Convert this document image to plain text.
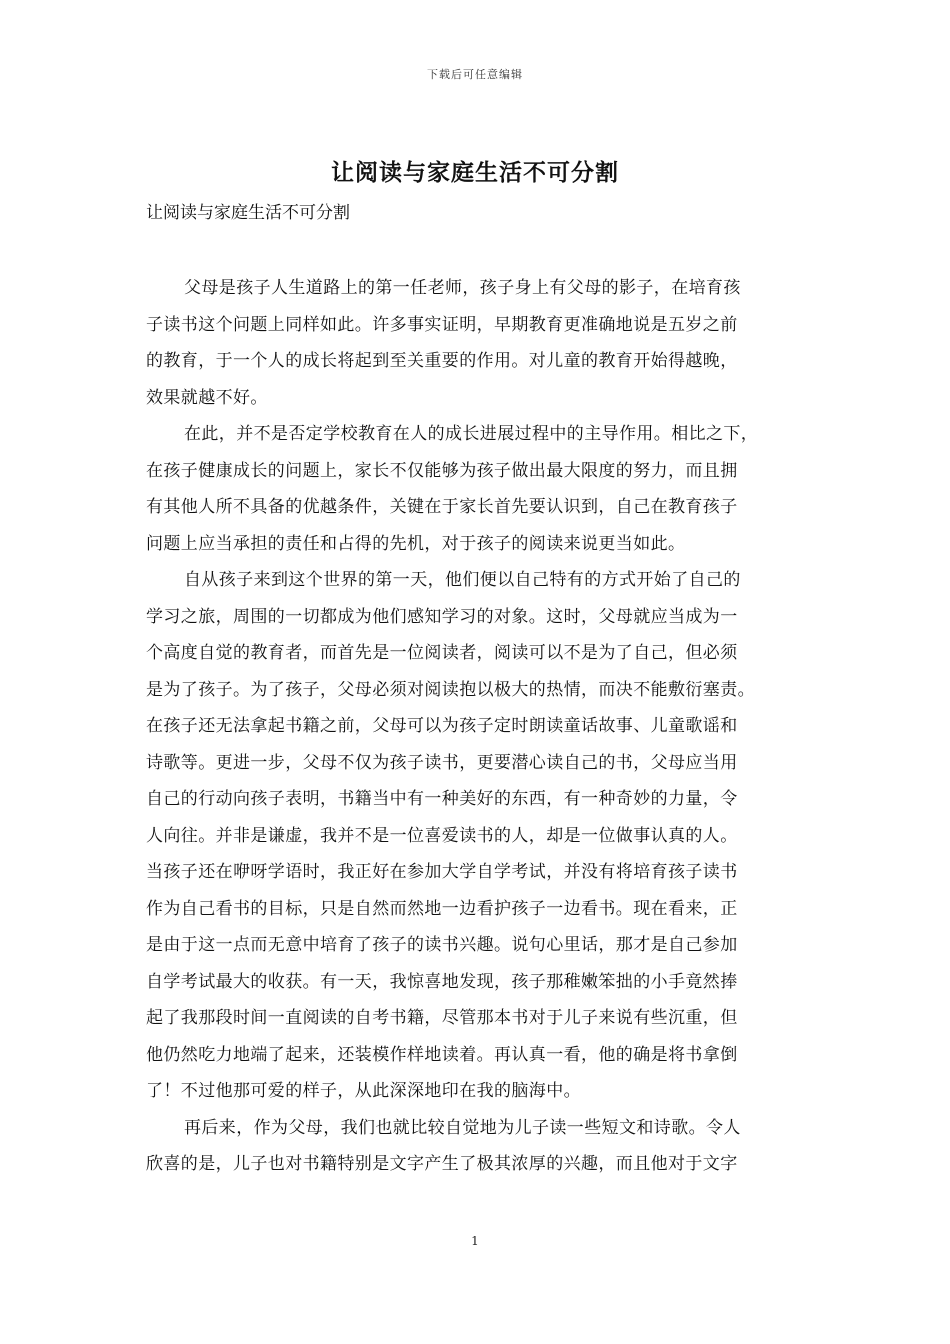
下载后可任意编辑
让阅读与家庭生活不可分割
让阅读与家庭生活不可分割
父母是孩子人生道路上的第一任老师，孩子身上有父母的影子，在培育孩
子读书这个问题上同样如此。许多事实证明，早期教育更准确地说是五岁之前
的教育，于一个人的成长将起到至关重要的作用。对儿童的教育开始得越晚，
效果就越不好。
在此，并不是否定学校教育在人的成长进展过程中的主导作用。相比之下，
在孩子健康成长的问题上，家长不仅能够为孩子做出最大限度的努力，而且拥
有其他人所不具备的优越条件，关键在于家长首先要认识到，自己在教育孩子
问题上应当承担的责任和占得的先机，对于孩子的阅读来说更当如此。
自从孩子来到这个世界的第一天，他们便以自己特有的方式开始了自己的
学习之旅，周围的一切都成为他们感知学习的对象。这时，父母就应当成为一
个高度自觉的教育者，而首先是一位阅读者，阅读可以不是为了自己，但必须
是为了孩子。为了孩子，父母必须对阅读抱以极大的热情，而决不能敷衍塞责。
在孩子还无法拿起书籍之前，父母可以为孩子定时朗读童话故事、儿童歌谣和
诗歌等。更进一步，父母不仅为孩子读书，更要潜心读自己的书，父母应当用
自己的行动向孩子表明，书籍当中有一种美好的东西，有一种奇妙的力量，令
人向往。并非是谦虚，我并不是一位喜爱读书的人，却是一位做事认真的人。
当孩子还在咿呀学语时，我正好在参加大学自学考试，并没有将培育孩子读书
作为自己看书的目标，只是自然而然地一边看护孩子一边看书。现在看来，正
是由于这一点而无意中培育了孩子的读书兴趣。说句心里话，那才是自己参加
自学考试最大的收获。有一天，我惊喜地发现，孩子那稚嫩笨拙的小手竟然捧
起了我那段时间一直阅读的自考书籍，尽管那本书对于儿子来说有些沉重，但
他仍然吃力地端了起来，还装模作样地读着。再认真一看，他的确是将书拿倒
了！不过他那可爱的样子，从此深深地印在我的脑海中。
再后来，作为父母，我们也就比较自觉地为儿子读一些短文和诗歌。令人
欣喜的是，儿子也对书籍特别是文字产生了极其浓厚的兴趣，而且他对于文字
1
